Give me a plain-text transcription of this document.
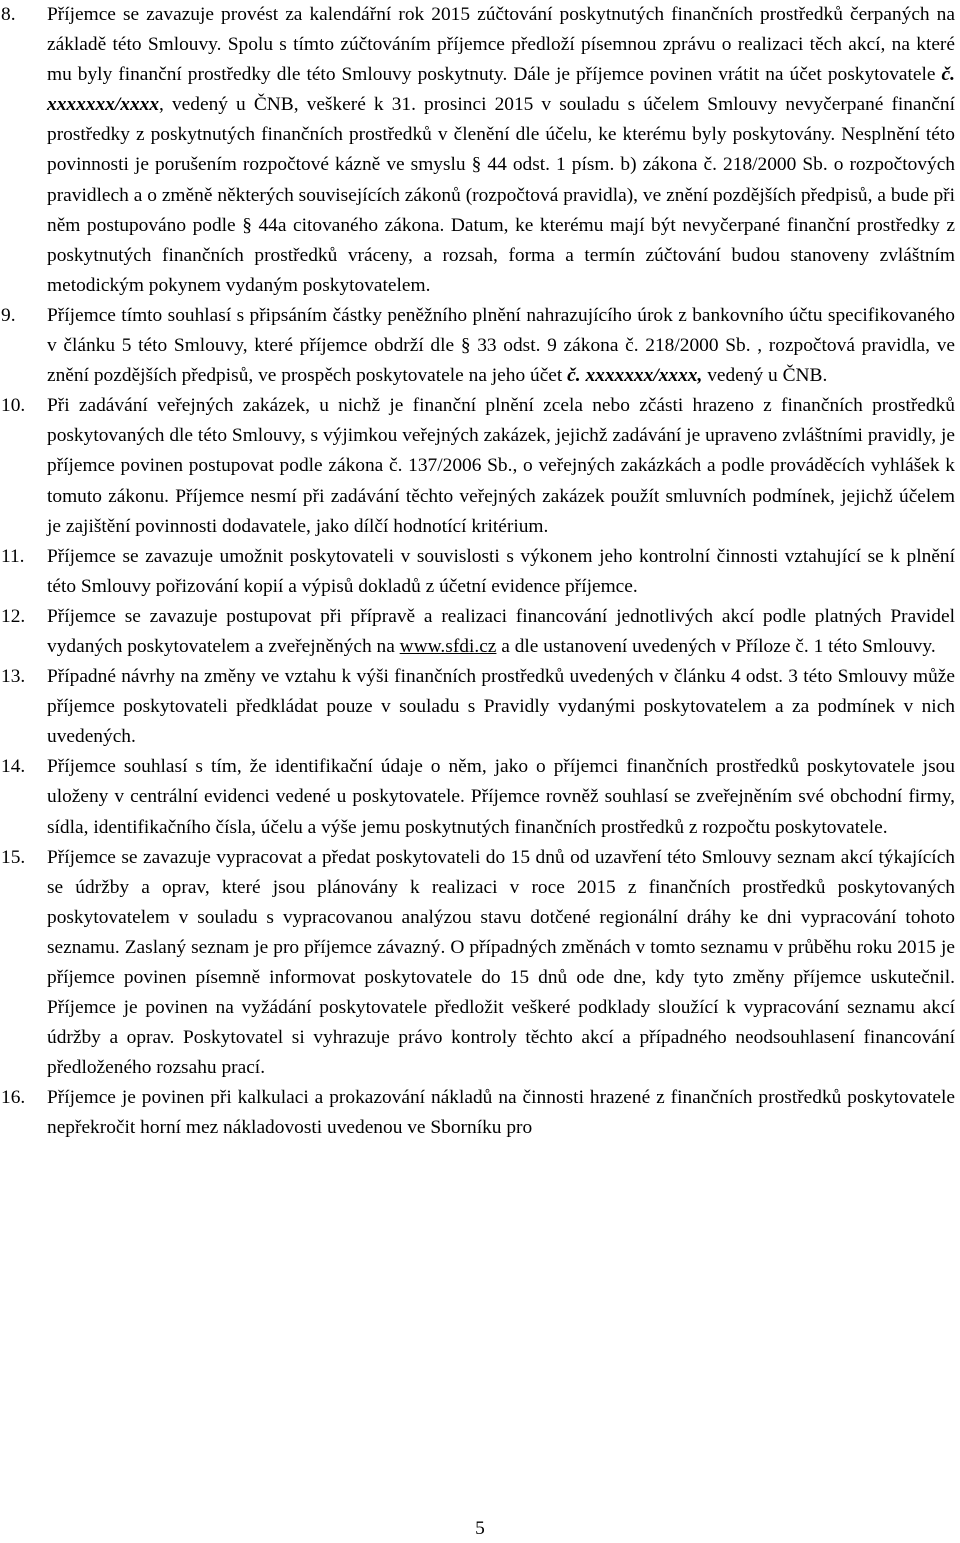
8. Příjemce se zavazuje provést za kalendářní rok 2015 zúčtování poskytnutých finančních prostředků čerpaných na základě této Smlouvy. Spolu s tímto zúčtováním příjemce předloží písemnou zprávu o realizaci těch akcí, na které mu byly finanční prostředky dle této Smlouvy poskytnuty. Dále je příjemce povinen vrátit na účet poskytovatele č. xxxxxxx/xxxx, vedený u ČNB, veškeré k 31. prosinci 2015 v souladu s účelem Smlouvy nevyčerpané finanční prostředky z poskytnutých finančních prostředků v členění dle účelu, ke kterému byly poskytovány. Nesplnění této povinnosti je porušením rozpočtové kázně ve smyslu § 44 odst. 1 písm. b) zákona č. 218/2000 Sb. o rozpočtových pravidlech a o změně některých souvisejících zákonů (rozpočtová pravidla), ve znění pozdějších předpisů, a bude při něm postupováno podle § 44a citovaného zákona. Datum, ke kterému mají být nevyčerpané finanční prostředky z poskytnutých finančních prostředků vráceny, a rozsah, forma a termín zúčtování budou stanoveny zvláštním metodickým pokynem vydaným poskytovatelem.

9. Příjemce tímto souhlasí s připsáním částky peněžního plnění nahrazujícího úrok z bankovního účtu specifikovaného v článku 5 této Smlouvy, které příjemce obdrží dle § 33 odst. 9 zákona č. 218/2000 Sb. , rozpočtová pravidla, ve znění pozdějších předpisů, ve prospěch poskytovatele na jeho účet č. xxxxxxx/xxxx, vedený u ČNB.

10. Při zadávání veřejných zakázek, u nichž je finanční plnění zcela nebo zčásti hrazeno z finančních prostředků poskytovaných dle této Smlouvy, s výjimkou veřejných zakázek, jejichž zadávání je upraveno zvláštními pravidly, je příjemce povinen postupovat podle zákona č. 137/2006 Sb., o veřejných zakázkách a podle prováděcích vyhlášek k tomuto zákonu. Příjemce nesmí při zadávání těchto veřejných zakázek použít smluvních podmínek, jejichž účelem je zajištění povinnosti dodavatele, jako dílčí hodnotící kritérium.

11. Příjemce se zavazuje umožnit poskytovateli v souvislosti s výkonem jeho kontrolní činnosti vztahující se k plnění této Smlouvy pořizování kopií a výpisů dokladů z účetní evidence příjemce.

12. Příjemce se zavazuje postupovat při přípravě a realizaci financování jednotlivých akcí podle platných Pravidel vydaných poskytovatelem a zveřejněných na www.sfdi.cz a dle ustanovení uvedených v Příloze č. 1 této Smlouvy.

13. Případné návrhy na změny ve vztahu k výši finančních prostředků uvedených v článku 4 odst. 3 této Smlouvy může příjemce poskytovateli předkládat pouze v souladu s Pravidly vydanými poskytovatelem a za podmínek v nich uvedených.

14. Příjemce souhlasí s tím, že identifikační údaje o něm, jako o příjemci finančních prostředků poskytovatele jsou uloženy v centrální evidenci vedené u poskytovatele. Příjemce rovněž souhlasí se zveřejněním své obchodní firmy, sídla, identifikačního čísla, účelu a výše jemu poskytnutých finančních prostředků z rozpočtu poskytovatele.

15. Příjemce se zavazuje vypracovat a předat poskytovateli do 15 dnů od uzavření této Smlouvy seznam akcí týkajících se údržby a oprav, které jsou plánovány k realizaci v roce 2015 z finančních prostředků poskytovaných poskytovatelem v souladu s vypracovanou analýzou stavu dotčené regionální dráhy ke dni vypracování tohoto seznamu. Zaslaný seznam je pro příjemce závazný. O případných změnách v tomto seznamu v průběhu roku 2015 je příjemce povinen písemně informovat poskytovatele do 15 dnů ode dne, kdy tyto změny příjemce uskutečnil. Příjemce je povinen na vyžádání poskytovatele předložit veškeré podklady sloužící k vypracování seznamu akcí údržby a oprav. Poskytovatel si vyhrazuje právo kontroly těchto akcí a případného neodsouhlasení financování předloženého rozsahu prací.

16. Příjemce je povinen při kalkulaci a prokazování nákladů na činnosti hrazené z finančních prostředků poskytovatele nepřekročit horní mez nákladovosti uvedenou ve Sborníku pro

5
